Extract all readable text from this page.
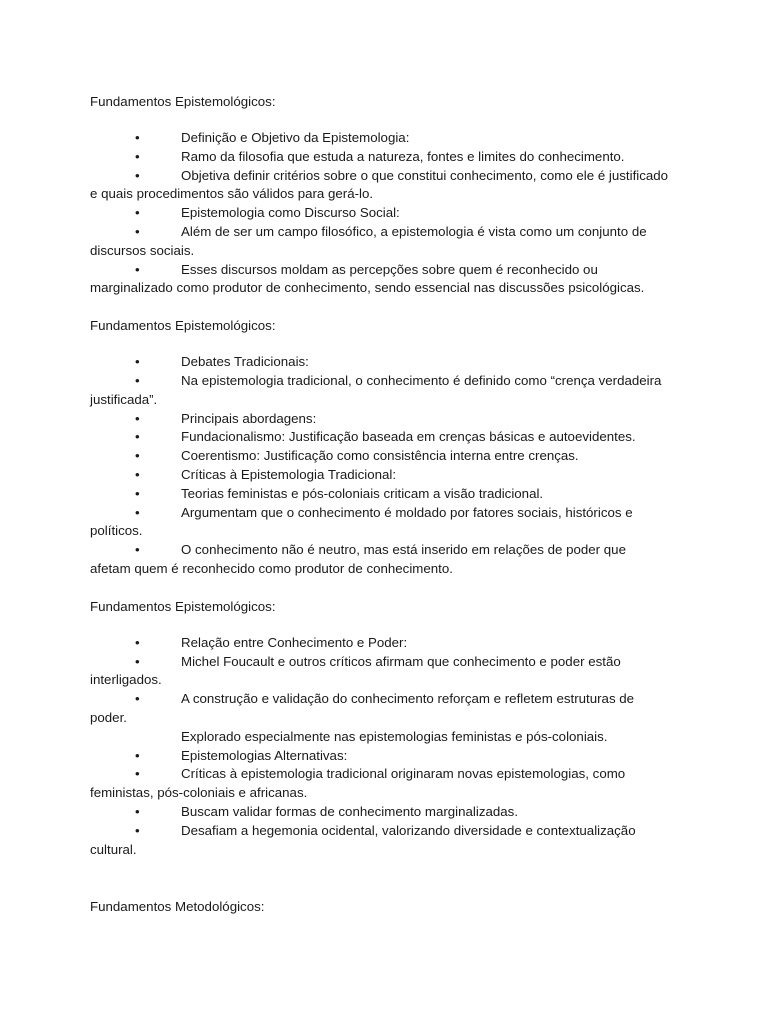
Fundamentos Epistemológicos:
•	Definição e Objetivo da Epistemologia:
•	Ramo da filosofia que estuda a natureza, fontes e limites do conhecimento.
•	Objetiva definir critérios sobre o que constitui conhecimento, como ele é justificado e quais procedimentos são válidos para gerá-lo.
•	Epistemologia como Discurso Social:
•	Além de ser um campo filosófico, a epistemologia é vista como um conjunto de discursos sociais.
•	Esses discursos moldam as percepções sobre quem é reconhecido ou marginalizado como produtor de conhecimento, sendo essencial nas discussões psicológicas.
Fundamentos Epistemológicos:
•	Debates Tradicionais:
•	Na epistemologia tradicional, o conhecimento é definido como “crença verdadeira justificada”.
•	Principais abordagens:
•	Fundacionalismo: Justificação baseada em crenças básicas e autoevidentes.
•	Coerentismo: Justificação como consistência interna entre crenças.
•	Críticas à Epistemologia Tradicional:
•	Teorias feministas e pós-coloniais criticam a visão tradicional.
•	Argumentam que o conhecimento é moldado por fatores sociais, históricos e políticos.
•	O conhecimento não é neutro, mas está inserido em relações de poder que afetam quem é reconhecido como produtor de conhecimento.
Fundamentos Epistemológicos:
•	Relação entre Conhecimento e Poder:
•	Michel Foucault e outros críticos afirmam que conhecimento e poder estão interligados.
•	A construção e validação do conhecimento reforçam e refletem estruturas de poder.
Explorado especialmente nas epistemologias feministas e pós-coloniais.
•	Epistemologias Alternativas:
•	Críticas à epistemologia tradicional originaram novas epistemologias, como feministas, pós-coloniais e africanas.
•	Buscam validar formas de conhecimento marginalizadas.
•	Desafiam a hegemonia ocidental, valorizando diversidade e contextualização cultural.
Fundamentos Metodológicos:
